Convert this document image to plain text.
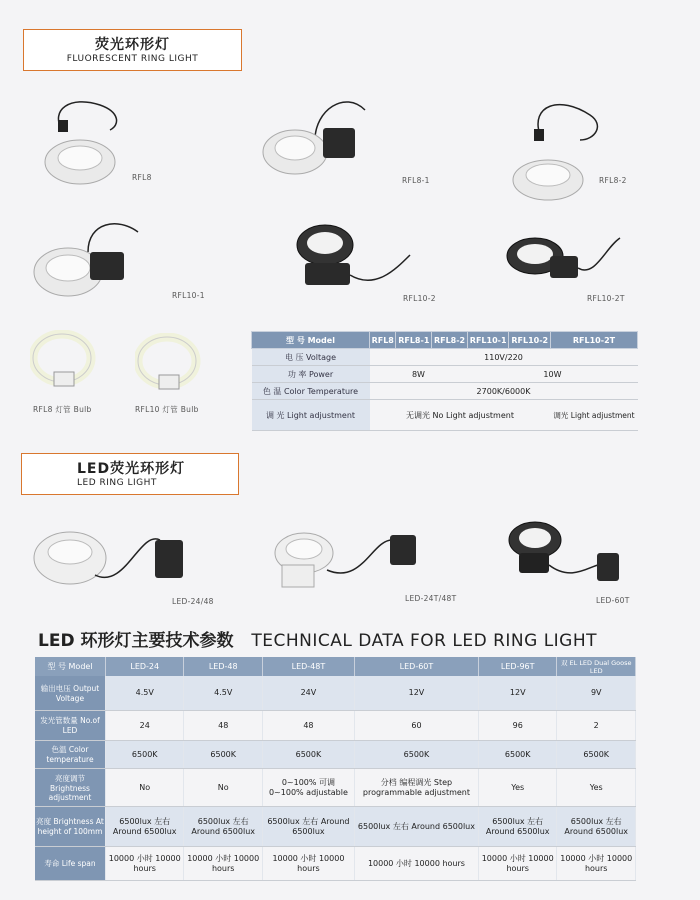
荧光环形灯
FLUORESCENT RING LIGHT
RFL8	RFL8-1	RFL8-2
RFL10-1	RFL10-2	RFL10-2T
RFL8 灯管 Bulb	RFL10 灯管 Bulb
型 号 Model	RFL8	RFL8-1	RFL8-2	RFL10-1	RFL10-2	RFL10-2T
电 压 Voltage	110V/220					
功 率 Power	8W			10W		
色 温 Color Temperature	2700K/6000K					
调 光 Light adjustment	无调光 No Light adjustment					调光 Light adjustment
LED荧光环形灯
LED RING LIGHT
LED-24/48	LED-24T/48T	LED-60T
LED 环形灯主要技术参数 TECHNICAL DATA FOR LED RING LIGHT
型 号 Model	LED-24	LED-48	LED-48T	LED-60T	LED-96T	双 EL LED Dual Goose LED
输出电压 Output Voltage	4.5V	4.5V	24V	12V	12V	9V
发光管数量 No.of LED	24	48	48	60	96	2
色温 Color temperature	6500K	6500K	6500K	6500K	6500K	6500K
亮度调节 Brightness adjustment	No	No	0~100% 可调 0~100% adjustable	分档 编程调光 Step programmable adjustment	Yes	Yes
亮度 Brightness At height of 100mm	6500lux 左右 Around 6500lux	6500lux 左右 Around 6500lux	6500lux 左右 Around 6500lux	6500lux 左右 Around 6500lux	6500lux 左右 Around 6500lux	6500lux 左右 Around 6500lux
寿命 Life span	10000 小时 10000 hours	10000 小时 10000 hours	10000 小时 10000 hours	10000 小时 10000 hours	10000 小时 10000 hours	10000 小时 10000 hours
